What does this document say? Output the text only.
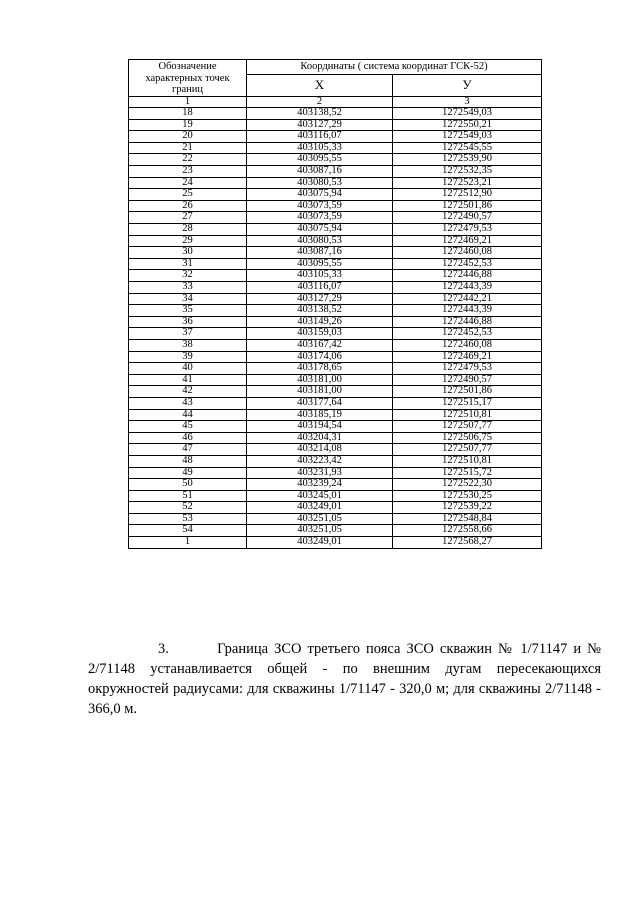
Обозначение характерных точек границ	Координаты ( система координат ГСК-52)	
	X	У
1	2	3
18	403138,52	1272549,03
19	403127,29	1272550,21
20	403116,07	1272549,03
21	403105,33	1272545,55
22	403095,55	1272539,90
23	403087,16	1272532,35
24	403080,53	1272523,21
25	403075,94	1272512,90
26	403073,59	1272501,86
27	403073,59	1272490,57
28	403075,94	1272479,53
29	403080,53	1272469,21
30	403087,16	1272460,08
31	403095,55	1272452,53
32	403105,33	1272446,88
33	403116,07	1272443,39
34	403127,29	1272442,21
35	403138,52	1272443,39
36	403149,26	1272446,88
37	403159,03	1272452,53
38	403167,42	1272460,08
39	403174,06	1272469,21
40	403178,65	1272479,53
41	403181,00	1272490,57
42	403181,00	1272501,86
43	403177,64	1272515,17
44	403185,19	1272510,81
45	403194,54	1272507,77
46	403204,31	1272506,75
47	403214,08	1272507,77
48	403223,42	1272510,81
49	403231,93	1272515,72
50	403239,24	1272522,30
51	403245,01	1272530,25
52	403249,01	1272539,22
53	403251,05	1272548,84
54	403251,05	1272558,66
1	403249,01	1272568,27

3.	Граница ЗСО третьего пояса ЗСО скважин № 1/71147 и № 2/71148 устанавливается общей - по внешним дугам пересекающихся окружностей радиусами: для скважины 1/71147 - 320,0 м; для скважины 2/71148 - 366,0 м.
